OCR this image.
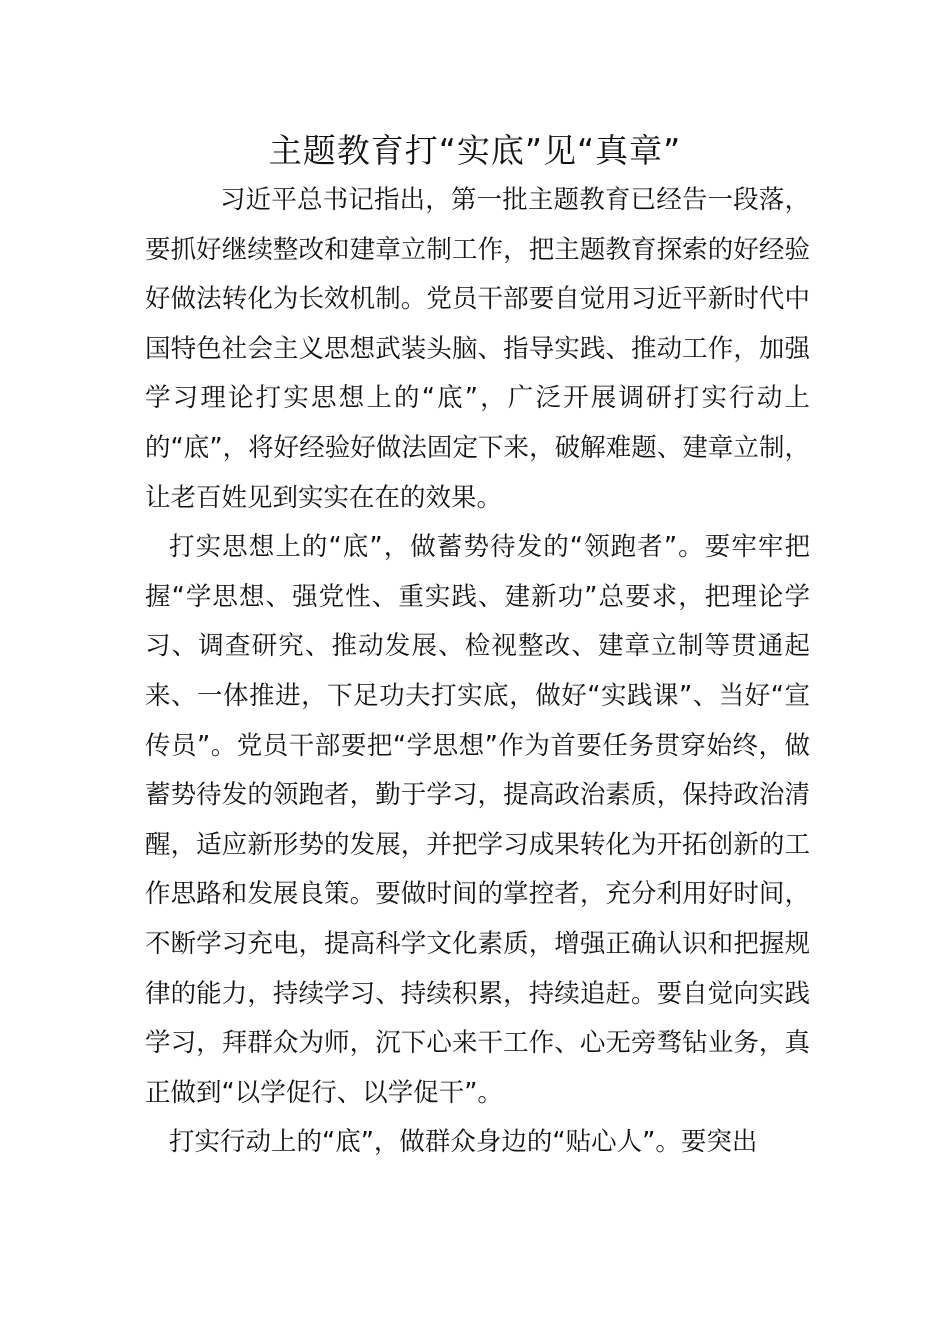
主题教育打“实底”见“真章”

习近平总书记指出，第一批主题教育已经告一段落，要抓好继续整改和建章立制工作，把主题教育探索的好经验好做法转化为长效机制。党员干部要自觉用习近平新时代中国特色社会主义思想武装头脑、指导实践、推动工作，加强学习理论打实思想上的“底”，广泛开展调研打实行动上的“底”，将好经验好做法固定下来，破解难题、建章立制，让老百姓见到实实在在的效果。

打实思想上的“底”，做蓄势待发的“领跑者”。要牢牢把握“学思想、强党性、重实践、建新功”总要求，把理论学习、调查研究、推动发展、检视整改、建章立制等贯通起来、一体推进，下足功夫打实底，做好“实践课”、当好“宣传员”。党员干部要把“学思想”作为首要任务贯穿始终，做蓄势待发的领跑者，勤于学习，提高政治素质，保持政治清醒，适应新形势的发展，并把学习成果转化为开拓创新的工作思路和发展良策。要做时间的掌控者，充分利用好时间，不断学习充电，提高科学文化素质，增强正确认识和把握规律的能力，持续学习、持续积累，持续追赶。要自觉向实践学习，拜群众为师，沉下心来干工作、心无旁骛钻业务，真正做到“以学促行、以学促干”。

打实行动上的“底”，做群众身边的“贴心人”。要突出
